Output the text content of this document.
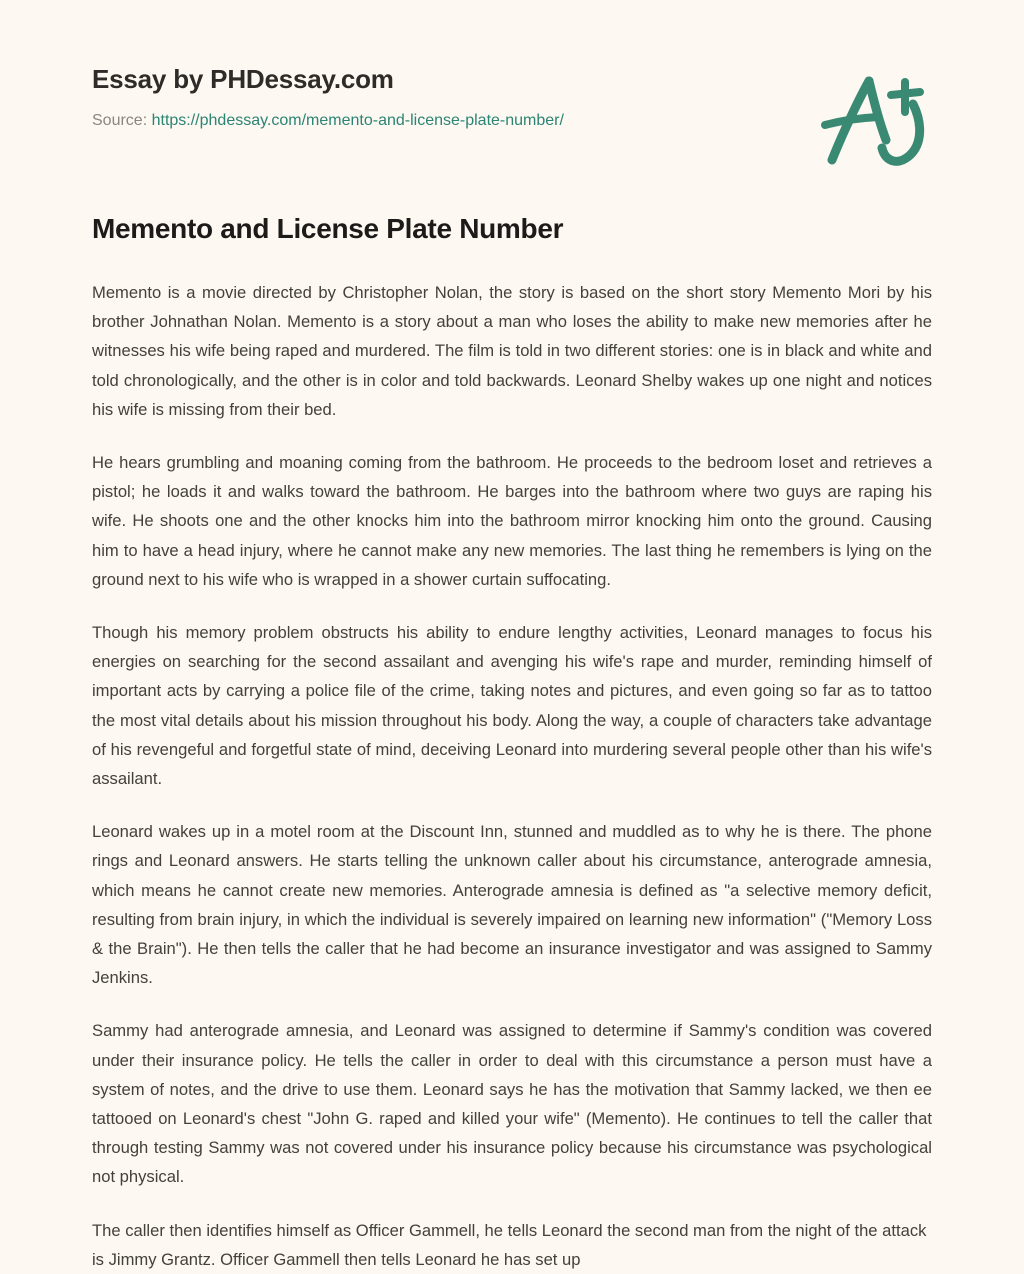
Essay by PHDessay.com
Source: https://phdessay.com/memento-and-license-plate-number/
Memento and License Plate Number

Memento is a movie directed by Christopher Nolan, the story is based on the short story Memento Mori by his brother Johnathan Nolan. Memento is a story about a man who loses the ability to make new memories after he witnesses his wife being raped and murdered. The film is told in two different stories: one is in black and white and told chronologically, and the other is in color and told backwards. Leonard Shelby wakes up one night and notices his wife is missing from their bed.

He hears grumbling and moaning coming from the bathroom. He proceeds to the bedroom loset and retrieves a pistol; he loads it and walks toward the bathroom. He barges into the bathroom where two guys are raping his wife. He shoots one and the other knocks him into the bathroom mirror knocking him onto the ground. Causing him to have a head injury, where he cannot make any new memories. The last thing he remembers is lying on the ground next to his wife who is wrapped in a shower curtain suffocating.

Though his memory problem obstructs his ability to endure lengthy activities, Leonard manages to focus his energies on searching for the second assailant and avenging his wife's rape and murder, reminding himself of important acts by carrying a police file of the crime, taking notes and pictures, and even going so far as to tattoo the most vital details about his mission throughout his body. Along the way, a couple of characters take advantage of his revengeful and forgetful state of mind, deceiving Leonard into murdering several people other than his wife's assailant.

Leonard wakes up in a motel room at the Discount Inn, stunned and muddled as to why he is there. The phone rings and Leonard answers. He starts telling the unknown caller about his circumstance, anterograde amnesia, which means he cannot create new memories. Anterograde amnesia is defined as "a selective memory deficit, resulting from brain injury, in which the individual is severely impaired on learning new information" ("Memory Loss & the Brain"). He then tells the caller that he had become an insurance investigator and was assigned to Sammy Jenkins.

Sammy had anterograde amnesia, and Leonard was assigned to determine if Sammy's condition was covered under their insurance policy. He tells the caller in order to deal with this circumstance a person must have a system of notes, and the drive to use them. Leonard says he has the motivation that Sammy lacked, we then ee tattooed on Leonard's chest "John G. raped and killed your wife" (Memento). He continues to tell the caller that through testing Sammy was not covered under his insurance policy because his circumstance was psychological not physical.

The caller then identifies himself as Officer Gammell, he tells Leonard the second man from the night of the attack is Jimmy Grantz. Officer Gammell then tells Leonard he has set up
